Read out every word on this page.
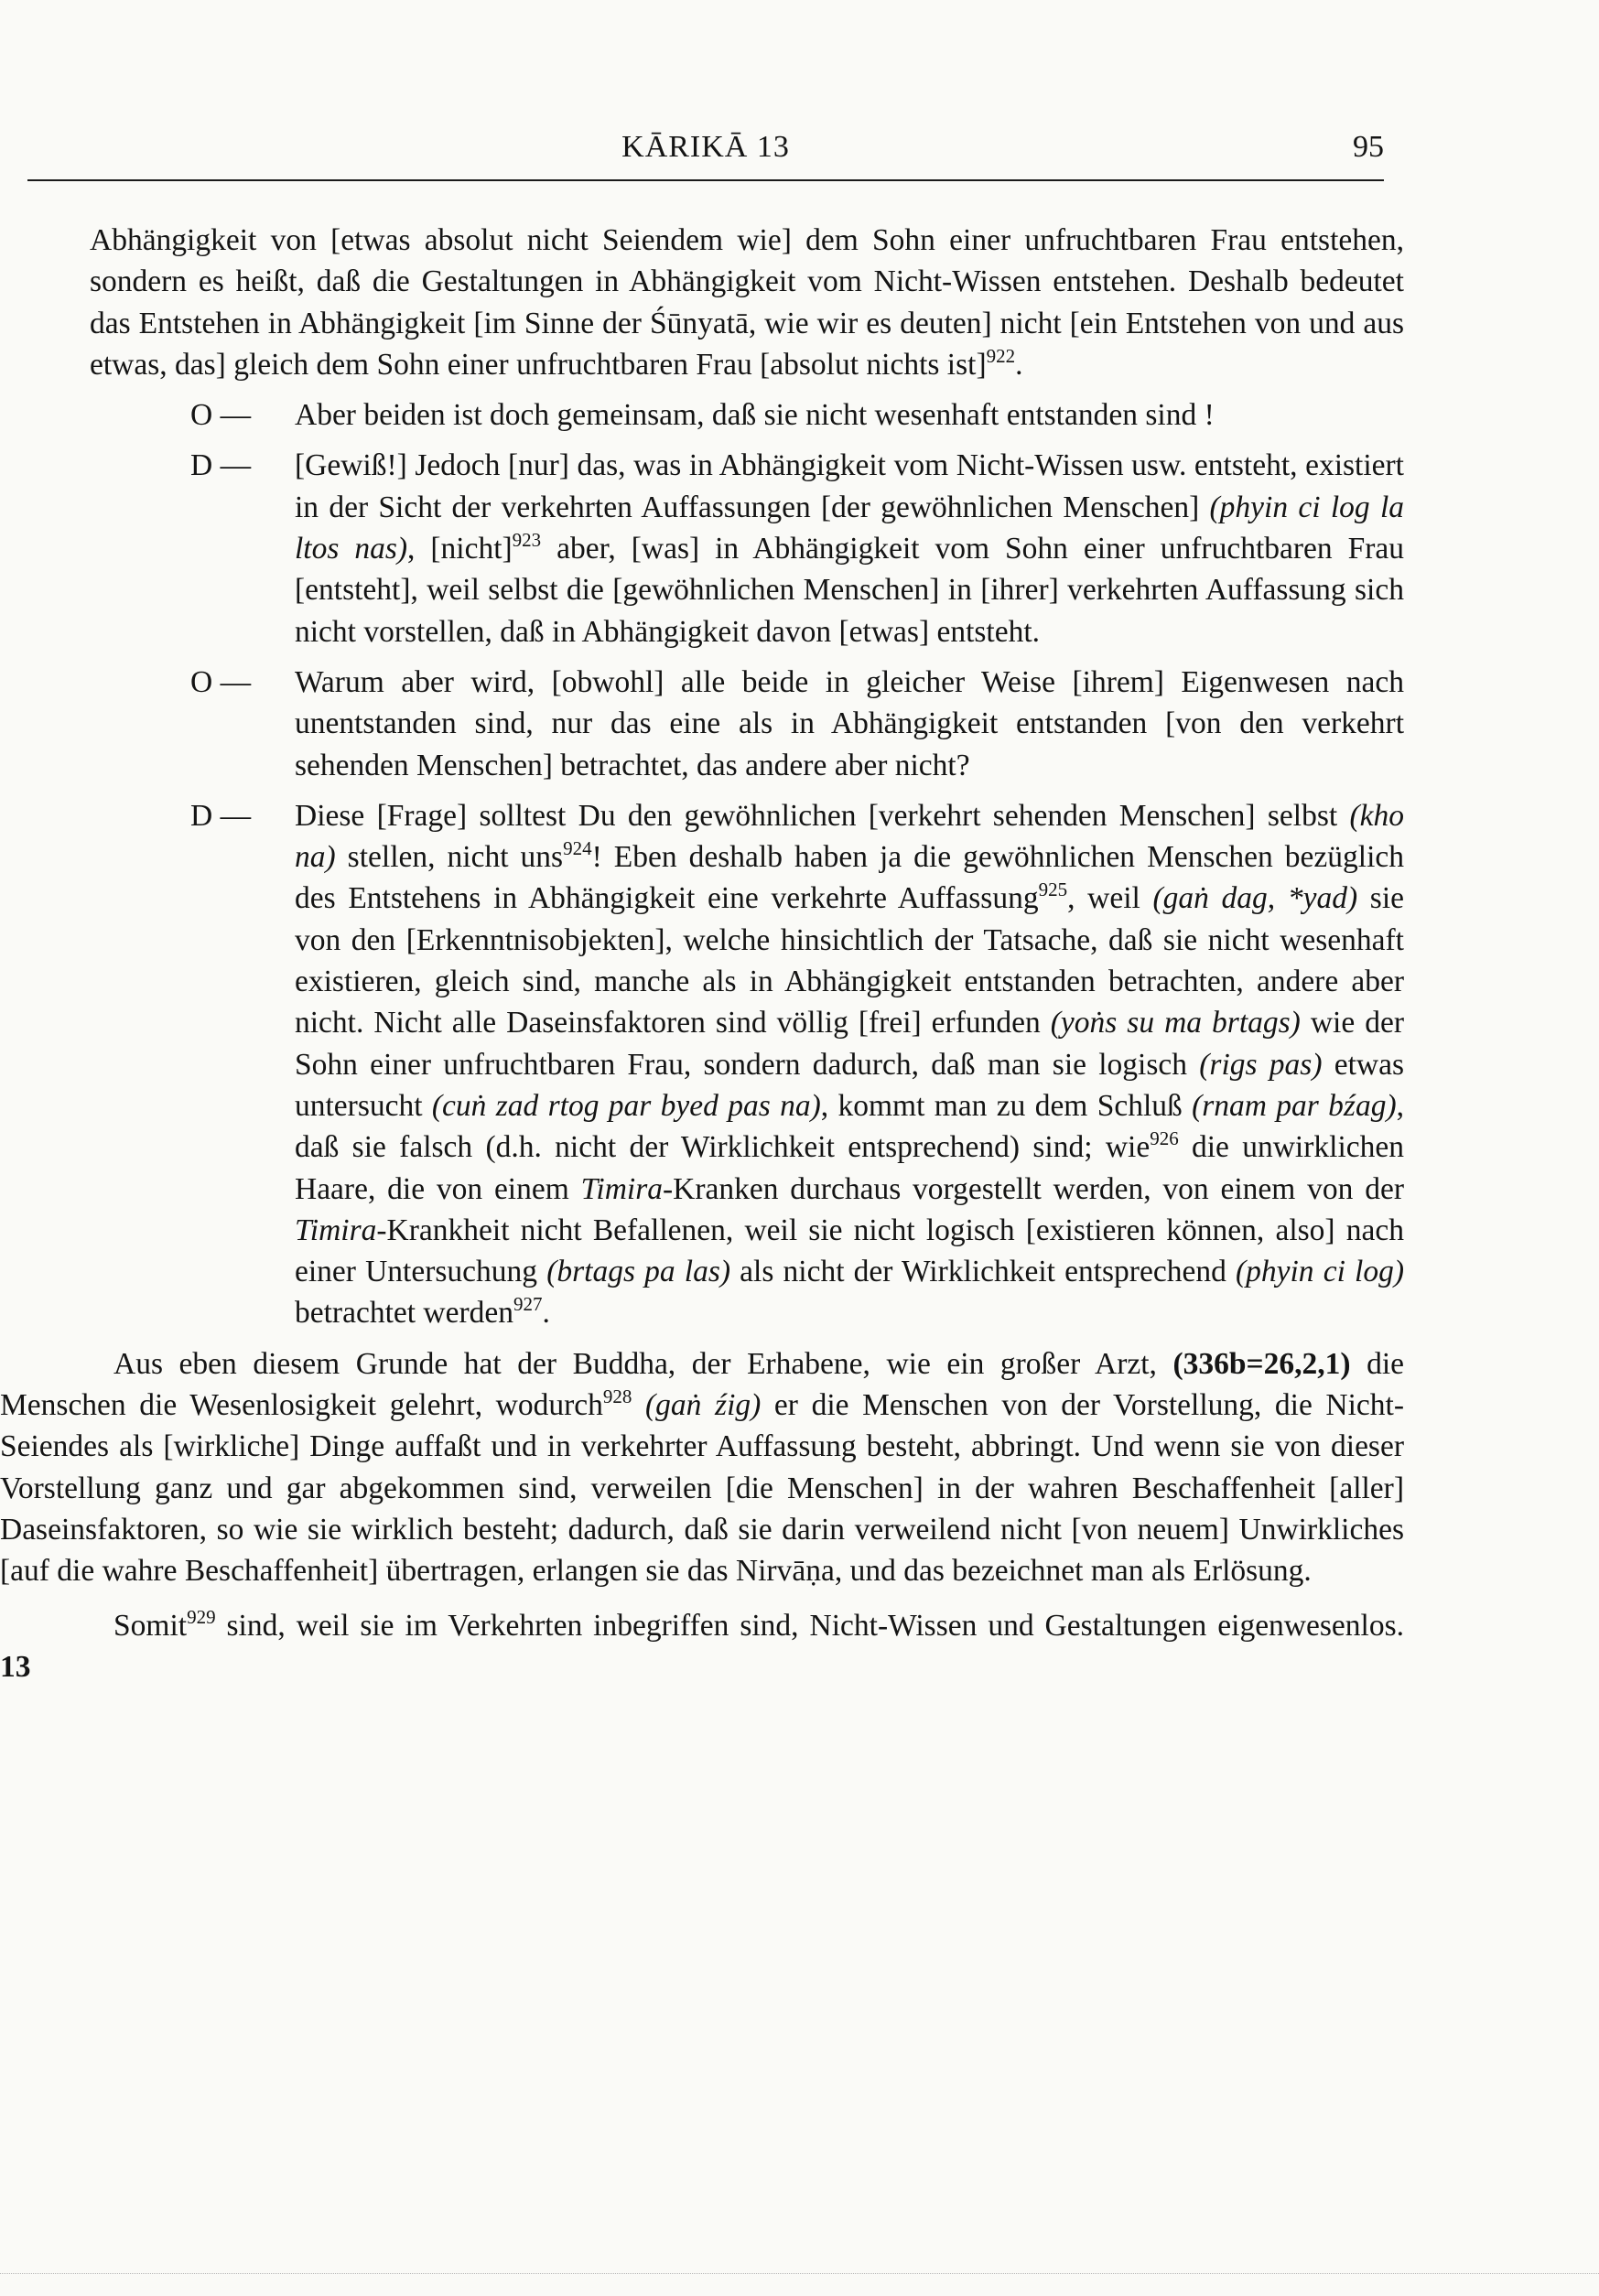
KĀRIKĀ 13	95

Abhängigkeit von [etwas absolut nicht Seiendem wie] dem Sohn einer unfruchtbaren Frau entstehen, sondern es heißt, daß die Gestaltungen in Abhängigkeit vom Nicht-Wissen entstehen. Deshalb bedeutet das Entstehen in Abhängigkeit [im Sinne der Śūnyatā, wie wir es deuten] nicht [ein Entstehen von und aus etwas, das] gleich dem Sohn einer unfruchtbaren Frau [absolut nichts ist]$^{922}$.

O — Aber beiden ist doch gemeinsam, daß sie nicht wesenhaft entstanden sind !
D — [Gewiß!] Jedoch [nur] das, was in Abhängigkeit vom Nicht-Wissen usw. entsteht, existiert in der Sicht der verkehrten Auffassungen [der gewöhnlichen Menschen] (phyin ci log la ltos nas), [nicht]$^{923}$ aber, [was] in Abhängigkeit vom Sohn einer unfruchtbaren Frau [entsteht], weil selbst die [gewöhnlichen Menschen] in [ihrer] verkehrten Auffassung sich nicht vorstellen, daß in Abhängigkeit davon [etwas] entsteht.
O — Warum aber wird, [obwohl] alle beide in gleicher Weise [ihrem] Eigenwesen nach unentstanden sind, nur das eine als in Abhängigkeit entstanden [von den verkehrt sehenden Menschen] betrachtet, das andere aber nicht?
D — Diese [Frage] solltest Du den gewöhnlichen [verkehrt sehenden Menschen] selbst (kho na) stellen, nicht uns$^{924}$! Eben deshalb haben ja die gewöhnlichen Menschen bezüglich des Entstehens in Abhängigkeit eine verkehrte Auffassung$^{925}$, weil (gaṅ dag, *yad) sie von den [Erkenntnisobjekten], welche hinsichtlich der Tatsache, daß sie nicht wesenhaft existieren, gleich sind, manche als in Abhängigkeit entstanden betrachten, andere aber nicht. Nicht alle Daseinsfaktoren sind völlig [frei] erfunden (yoṅs su ma brtags) wie der Sohn einer unfruchtbaren Frau, sondern dadurch, daß man sie logisch (rigs pas) etwas untersucht (cuṅ zad rtog par byed pas na), kommt man zu dem Schluß (rnam par bźag), daß sie falsch (d.h. nicht der Wirklichkeit entsprechend) sind; wie$^{926}$ die unwirklichen Haare, die von einem Timira-Kranken durchaus vorgestellt werden, von einem von der Timira-Krankheit nicht Befallenen, weil sie nicht logisch [existieren können, also] nach einer Untersuchung (brtags pa las) als nicht der Wirklichkeit entsprechend (phyin ci log) betrachtet werden$^{927}$.

Aus eben diesem Grunde hat der Buddha, der Erhabene, wie ein großer Arzt, (336b=26,2,1) die Menschen die Wesenlosigkeit gelehrt, wodurch$^{928}$ (gaṅ źig) er die Menschen von der Vorstellung, die Nicht-Seiendes als [wirkliche] Dinge auffaßt und in verkehrter Auffassung besteht, abbringt. Und wenn sie von dieser Vorstellung ganz und gar abgekommen sind, verweilen [die Menschen] in der wahren Beschaffenheit [aller] Daseinsfaktoren, so wie sie wirklich besteht; dadurch, daß sie darin verweilend nicht [von neuem] Unwirkliches [auf die wahre Beschaffenheit] übertragen, erlangen sie das Nirvāṇa, und das bezeichnet man als Erlösung.

Somit$^{929}$ sind, weil sie im Verkehrten inbegriffen sind, Nicht-Wissen und Gestaltungen eigenwesenlos. 13
